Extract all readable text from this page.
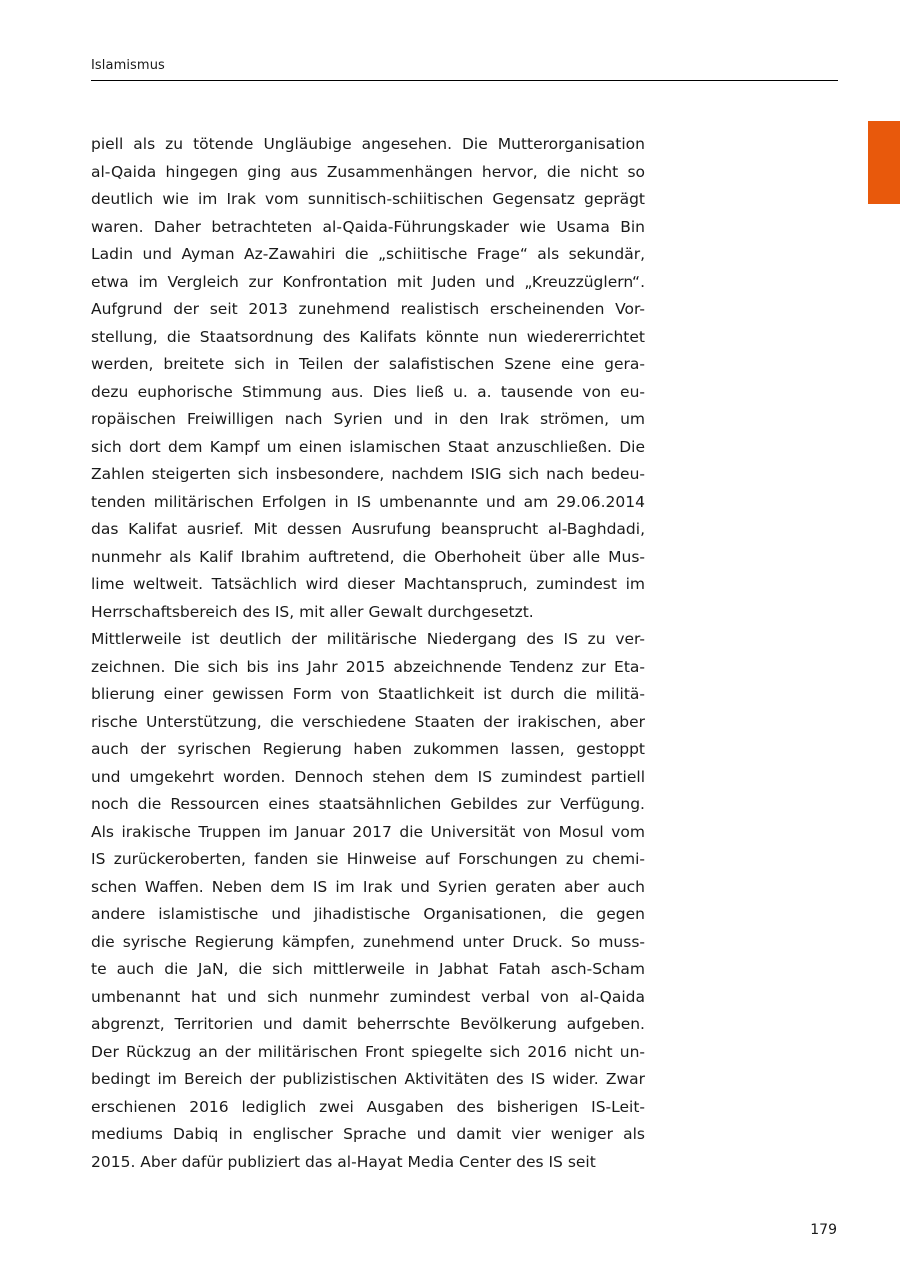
Islamismus
piell als zu tötende Ungläubige angesehen. Die Mutterorganisation
al-Qaida hingegen ging aus Zusammenhängen hervor, die nicht so
deutlich wie im Irak vom sunnitisch-schiitischen Gegensatz geprägt
waren. Daher betrachteten al-Qaida-Führungskader wie Usama Bin
Ladin und Ayman Az-Zawahiri die „schiitische Frage“ als sekundär,
etwa im Vergleich zur Konfrontation mit Juden und „Kreuzzüglern“.
Aufgrund der seit 2013 zunehmend realistisch erscheinenden Vor-
stellung, die Staatsordnung des Kalifats könnte nun wiedererrichtet
werden, breitete sich in Teilen der salafistischen Szene eine gera-
dezu euphorische Stimmung aus. Dies ließ u. a. tausende von eu-
ropäischen Freiwilligen nach Syrien und in den Irak strömen, um
sich dort dem Kampf um einen islamischen Staat anzuschließen. Die
Zahlen steigerten sich insbesondere, nachdem ISIG sich nach bedeu-
tenden militärischen Erfolgen in IS umbenannte und am 29.06.2014
das Kalifat ausrief. Mit dessen Ausrufung beansprucht al-Baghdadi,
nunmehr als Kalif Ibrahim auftretend, die Oberhoheit über alle Mus-
lime weltweit. Tatsächlich wird dieser Machtanspruch, zumindest im
Herrschaftsbereich des IS, mit aller Gewalt durchgesetzt.
Mittlerweile ist deutlich der militärische Niedergang des IS zu ver-
zeichnen. Die sich bis ins Jahr 2015 abzeichnende Tendenz zur Eta-
blierung einer gewissen Form von Staatlichkeit ist durch die militä-
rische Unterstützung, die verschiedene Staaten der irakischen, aber
auch der syrischen Regierung haben zukommen lassen, gestoppt
und umgekehrt worden. Dennoch stehen dem IS zumindest partiell
noch die Ressourcen eines staatsähnlichen Gebildes zur Verfügung.
Als irakische Truppen im Januar 2017 die Universität von Mosul vom
IS zurückeroberten, fanden sie Hinweise auf Forschungen zu chemi-
schen Waffen. Neben dem IS im Irak und Syrien geraten aber auch
andere islamistische und jihadistische Organisationen, die gegen
die syrische Regierung kämpfen, zunehmend unter Druck. So muss-
te auch die JaN, die sich mittlerweile in Jabhat Fatah asch-Scham
umbenannt hat und sich nunmehr zumindest verbal von al-Qaida
abgrenzt, Territorien und damit beherrschte Bevölkerung aufgeben.
Der Rückzug an der militärischen Front spiegelte sich 2016 nicht un-
bedingt im Bereich der publizistischen Aktivitäten des IS wider. Zwar
erschienen 2016 lediglich zwei Ausgaben des bisherigen IS-Leit-
mediums Dabiq in englischer Sprache und damit vier weniger als
2015. Aber dafür publiziert das al-Hayat Media Center des IS seit
179
